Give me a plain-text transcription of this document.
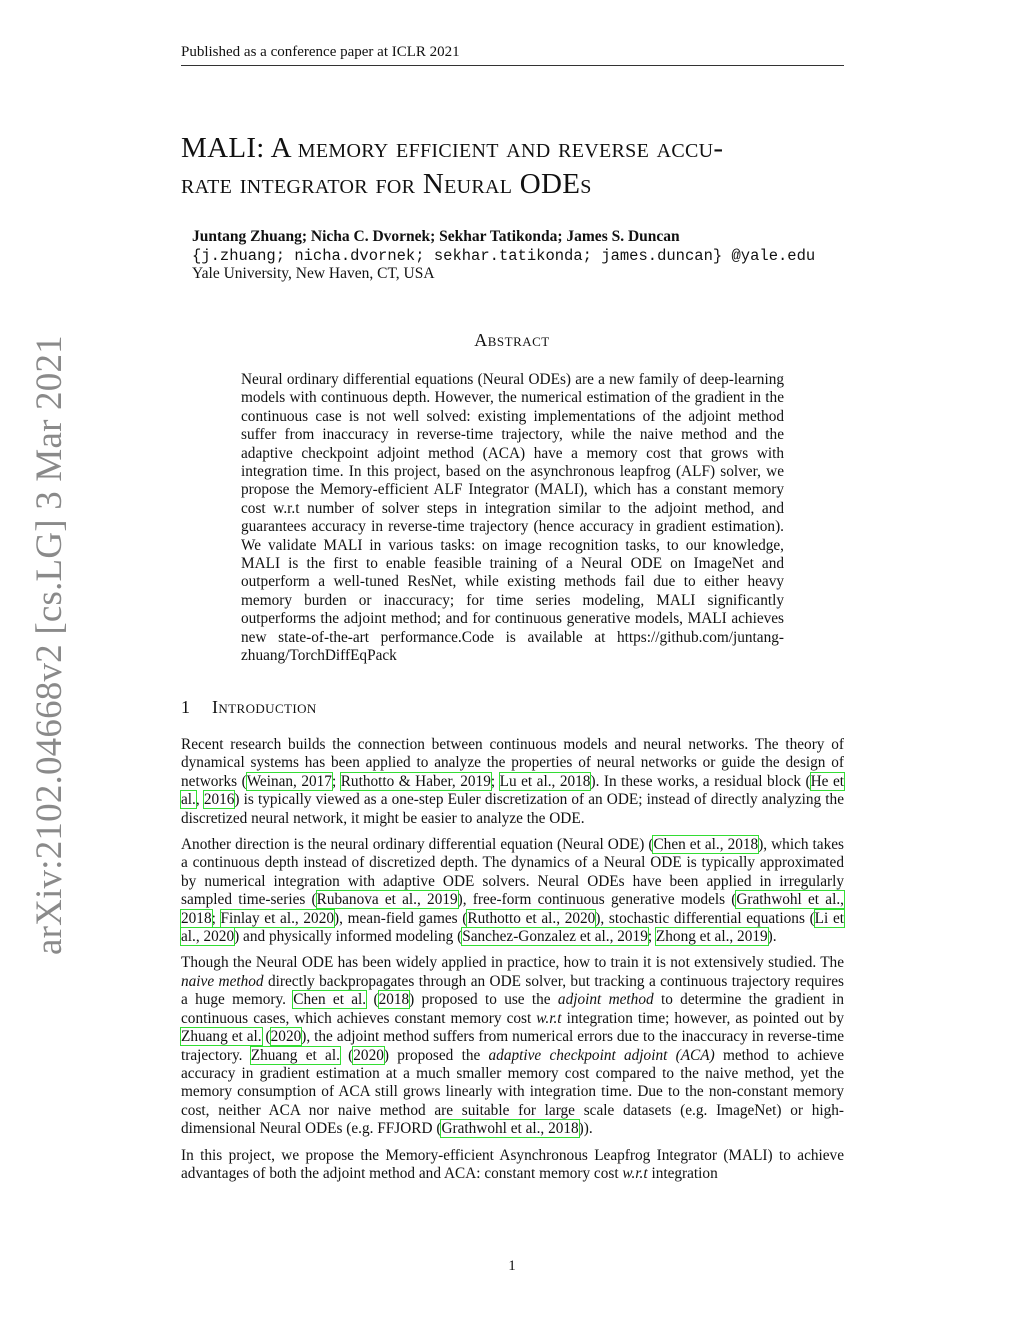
Published as a conference paper at ICLR 2021
arXiv:2102.04668v2 [cs.LG] 3 Mar 2021
MALI: A memory efficient and reverse accu-
rate integrator for Neural ODEs
Juntang Zhuang; Nicha C. Dvornek; Sekhar Tatikonda; James S. Duncan
{j.zhuang; nicha.dvornek; sekhar.tatikonda; james.duncan} @yale.edu
Yale University, New Haven, CT, USA
Abstract
Neural ordinary differential equations (Neural ODEs) are a new family of deep-learning models with continuous depth. However, the numerical estimation of the gradient in the continuous case is not well solved: existing implementations of the adjoint method suffer from inaccuracy in reverse-time trajectory, while the naive method and the adaptive checkpoint adjoint method (ACA) have a memory cost that grows with integration time. In this project, based on the asynchronous leapfrog (ALF) solver, we propose the Memory-efficient ALF Integrator (MALI), which has a constant memory cost w.r.t number of solver steps in integration similar to the adjoint method, and guarantees accuracy in reverse-time trajectory (hence accuracy in gradient estimation). We validate MALI in various tasks: on image recognition tasks, to our knowledge, MALI is the first to enable feasible training of a Neural ODE on ImageNet and outperform a well-tuned ResNet, while existing methods fail due to either heavy memory burden or inaccuracy; for time series modeling, MALI significantly outperforms the adjoint method; and for continuous generative models, MALI achieves new state-of-the-art performance.Code is available at https://github.com/juntang-zhuang/TorchDiffEqPack
1 Introduction

Recent research builds the connection between continuous models and neural networks. The theory of dynamical systems has been applied to analyze the properties of neural networks or guide the design of networks (Weinan, 2017; Ruthotto & Haber, 2019; Lu et al., 2018). In these works, a residual block (He et al., 2016) is typically viewed as a one-step Euler discretization of an ODE; instead of directly analyzing the discretized neural network, it might be easier to analyze the ODE.

Another direction is the neural ordinary differential equation (Neural ODE) (Chen et al., 2018), which takes a continuous depth instead of discretized depth. The dynamics of a Neural ODE is typically approximated by numerical integration with adaptive ODE solvers. Neural ODEs have been applied in irregularly sampled time-series (Rubanova et al., 2019), free-form continuous generative models (Grathwohl et al., 2018; Finlay et al., 2020), mean-field games (Ruthotto et al., 2020), stochastic differential equations (Li et al., 2020) and physically informed modeling (Sanchez-Gonzalez et al., 2019; Zhong et al., 2019).

Though the Neural ODE has been widely applied in practice, how to train it is not extensively studied. The naive method directly backpropagates through an ODE solver, but tracking a continuous trajectory requires a huge memory. Chen et al. (2018) proposed to use the adjoint method to determine the gradient in continuous cases, which achieves constant memory cost w.r.t integration time; however, as pointed out by Zhuang et al. (2020), the adjoint method suffers from numerical errors due to the inaccuracy in reverse-time trajectory. Zhuang et al. (2020) proposed the adaptive checkpoint adjoint (ACA) method to achieve accuracy in gradient estimation at a much smaller memory cost compared to the naive method, yet the memory consumption of ACA still grows linearly with integration time. Due to the non-constant memory cost, neither ACA nor naive method are suitable for large scale datasets (e.g. ImageNet) or high-dimensional Neural ODEs (e.g. FFJORD (Grathwohl et al., 2018)).

In this project, we propose the Memory-efficient Asynchronous Leapfrog Integrator (MALI) to achieve advantages of both the adjoint method and ACA: constant memory cost w.r.t integration

1
